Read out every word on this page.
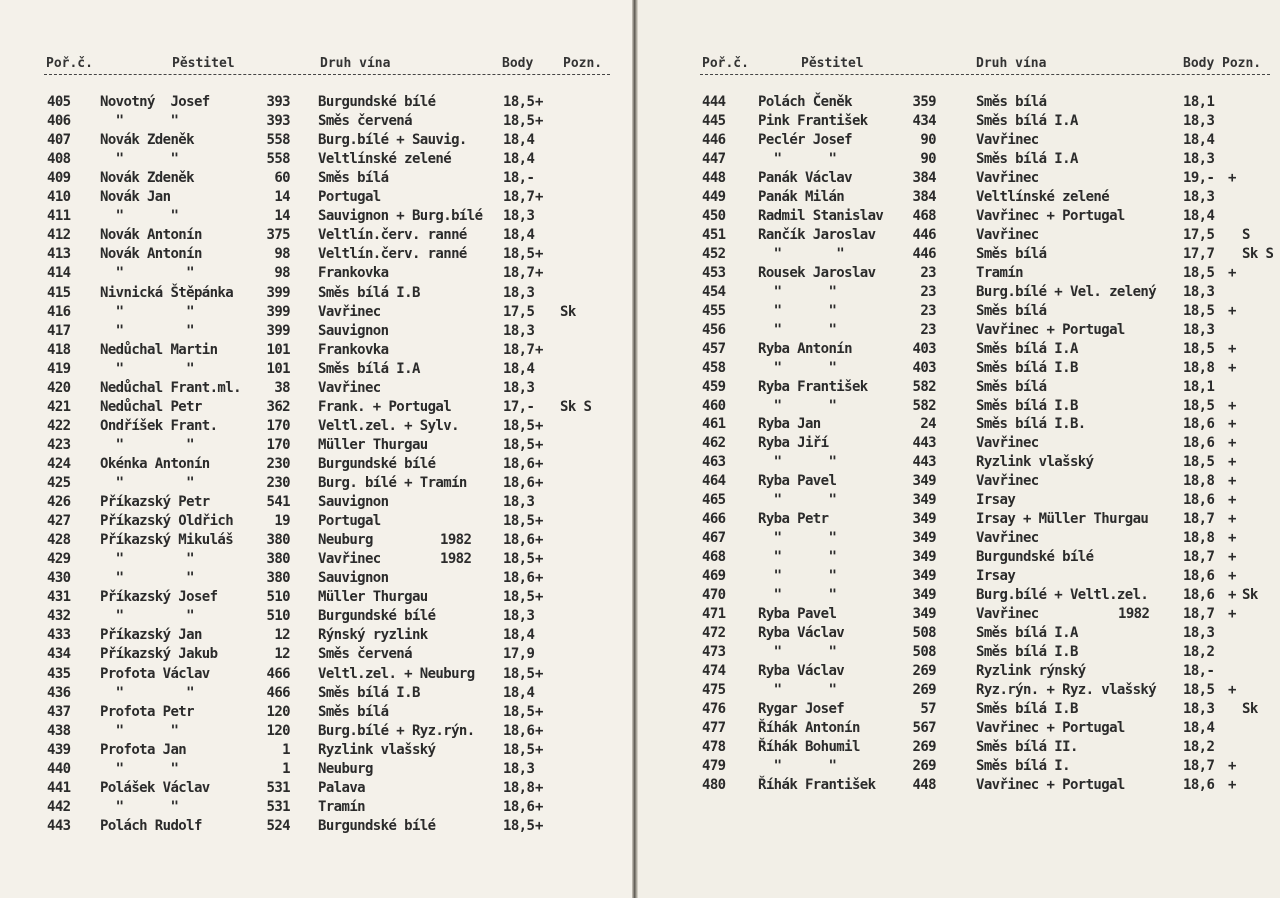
Poř.č.	Pěstitel	Druh vína	Body Pozn.
405 Novotný  Josef	393 Burgundské bílé	18,5 +
406 "      "	393 Směs červená	18,5 +
407 Novák Zdeněk	558 Burg.bílé + Sauvig.	18,4
408 "      "	558 Veltlínské zelené	18,4
409 Novák Zdeněk	60 Směs bílá	18,-
410 Novák Jan	14 Portugal	18,7 +
411 "      "	14 Sauvignon + Burg.bílé 18,3
412 Novák Antonín	375 Veltlín.červ. ranné	18,4
413 Novák Antonín	98 Veltlín.červ. ranné	18,5 +
414 "        "	98 Frankovka	18,7 +
415 Nivnická Štěpánka	399 Směs bílá I.B	18,3
416 "        "	399 Vavřinec	17,5 Sk
417 "        "	399 Sauvignon	18,3
418 Nedůchal Martin	101 Frankovka	18,7 +
419 "        "	101 Směs bílá I.A	18,4
420 Nedůchal Frant.ml.	38 Vavřinec	18,3
421 Nedůchal Petr	362 Frank. + Portugal	17,- Sk S
422 Ondříšek Frant.	170 Veltl.zel. + Sylv.	18,5 +
423 "        "	170 Müller Thurgau	18,5 +
424 Okénka Antonín	230 Burgundské bílé	18,6 +
425 "        "	230 Burg. bílé + Tramín	18,6 +
426 Příkazský Petr	541 Sauvignon	18,3
427 Příkazský Oldřich	19 Portugal	18,5 +
428 Příkazský Mikuláš	380 Neuburg	1982 18,6 +
429 "        "	380 Vavřinec	1982 18,5 +
430 "        "	380 Sauvignon	18,6 +
431 Příkazský Josef	510 Müller Thurgau	18,5 +
432 "        "	510 Burgundské bílé	18,3
433 Příkazský Jan	12 Rýnský ryzlink	18,4
434 Příkazský Jakub	12 Směs červená	17,9
435 Profota Václav	466 Veltl.zel. + Neuburg 18,5 +
436 "        "	466 Směs bílá I.B	18,4
437 Profota Petr	120 Směs bílá	18,5 +
438 "      "	120 Burg.bílé + Ryz.rýn. 18,6 +
439 Profota Jan	1 Ryzlink vlašský	18,5 +
440 "      "	1 Neuburg	18,3
441 Polášek Václav	531 Palava	18,8 +
442 "      "	531 Tramín	18,6 +
443 Polách Rudolf	524 Burgundské bílé	18,5 +
Poř.č.	Pěstitel	Druh vína	Body Pozn.
444 Polách Čeněk	359	Směs bílá	18,1
445 Pink František	434	Směs bílá I.A	18,3
446 Peclér Josef	90	Vavřinec	18,4
447 "      "	90	Směs bílá I.A	18,3
448 Panák Václav	384	Vavřinec	19,- +
449 Panák Milán	384	Veltlínské zelené	18,3
450 Radmil Stanislav	468	Vavřinec + Portugal	18,4
451 Rančík Jaroslav	446	Vavřinec	17,5 S
452 "       "	446	Směs bílá	17,7 Sk S
453 Rousek Jaroslav	23	Tramín	18,5 +
454 "      "	23	Burg.bílé + Vel. zelený 18,3
455 "      "	23	Směs bílá	18,5 +
456 "      "	23	Vavřinec + Portugal	18,3
457 Ryba Antonín	403	Směs bílá I.A	18,5 +
458 "      "	403	Směs bílá I.B	18,8 +
459 Ryba František	582	Směs bílá	18,1
460 "      "	582	Směs bílá I.B	18,5 +
461 Ryba Jan	24	Směs bílá I.B.	18,6 +
462 Ryba Jiří	443	Vavřinec	18,6 +
463 "      "	443	Ryzlink vlašský	18,5 +
464 Ryba Pavel	349	Vavřinec	18,8 +
465 "      "	349	Irsay	18,6 +
466 Ryba Petr	349	Irsay + Müller Thurgau 18,7 +
467 "      "	349	Vavřinec	18,8 +
468 "      "	349	Burgundské bílé	18,7 +
469 "      "	349	Irsay	18,6 +
470 "      "	349	Burg.bílé + Veltl.zel. 18,6 + Sk
471 Ryba Pavel	349	Vavřinec	1982 18,7 +
472 Ryba Václav	508	Směs bílá I.A	18,3
473 "      "	508	Směs bílá I.B	18,2
474 Ryba Václav	269	Ryzlink rýnský	18,-
475 "      "	269	Ryz.rýn. + Ryz. vlašský 18,5 +
476 Rygar Josef	57	Směs bílá I.B	18,3 Sk
477 Říhák Antonín	567	Vavřinec + Portugal	18,4
478 Říhák Bohumil	269	Směs bílá II.	18,2
479 "      "	269	Směs bílá I.	18,7 +
480 Říhák František	448	Vavřinec + Portugal	18,6 +
